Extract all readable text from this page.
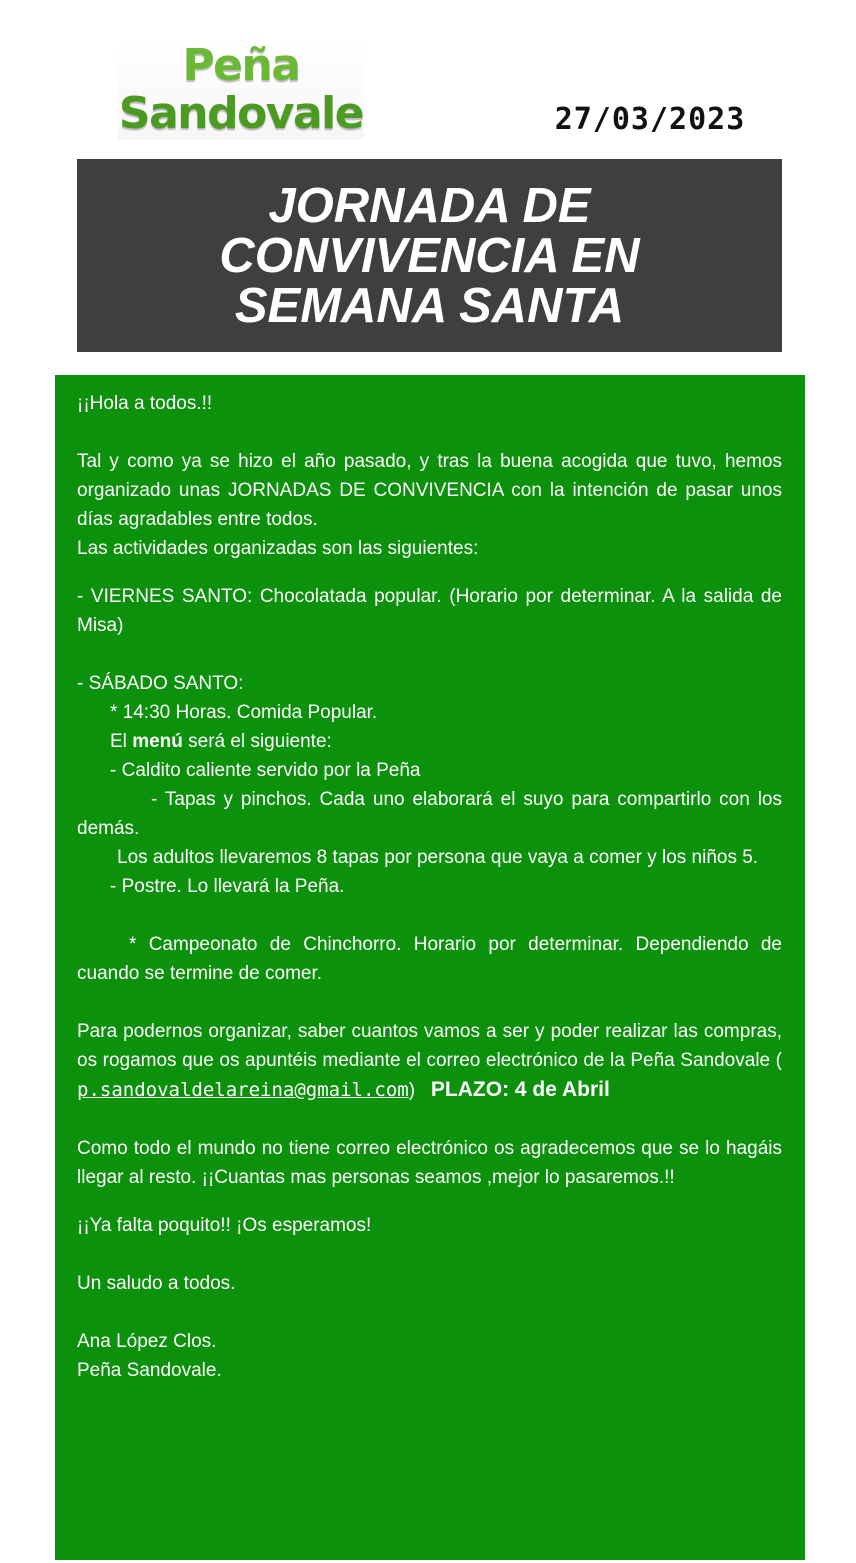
Peña
Sandovale	27/03/2023
JORNADA DE CONVIVENCIA EN SEMANA SANTA

¡¡Hola a todos.!!

Tal y como ya se hizo el año pasado, y tras la buena acogida que tuvo, hemos organizado unas JORNADAS DE CONVIVENCIA con la intención de pasar unos días agradables entre todos.

Las actividades organizadas son las siguientes:

- VIERNES SANTO: Chocolatada popular. (Horario por determinar. A la salida de Misa)

- SÁBADO SANTO:

* 14:30 Horas. Comida Popular.

El menú será el siguiente:

- Caldito caliente servido por la Peña

- Tapas y pinchos. Cada uno elaborará el suyo para compartirlo con los demás.

Los adultos llevaremos 8 tapas por persona que vaya a comer y los niños 5.

- Postre. Lo llevará la Peña.

* Campeonato de Chinchorro. Horario por determinar. Dependiendo de cuando se termine de comer.

Para podernos organizar, saber cuantos vamos a ser y poder realizar las compras, os rogamos que os apuntéis mediante el correo electrónico de la Peña Sandovale ( p.sandovaldelareina@gmail.com) PLAZO: 4 de Abril

Como todo el mundo no tiene correo electrónico os agradecemos que se lo hagáis llegar al resto. ¡¡Cuantas mas personas seamos ,mejor lo pasaremos.!!

¡¡Ya falta poquito!! ¡Os esperamos!

Un saludo a todos.

Ana López Clos.

Peña Sandovale.
